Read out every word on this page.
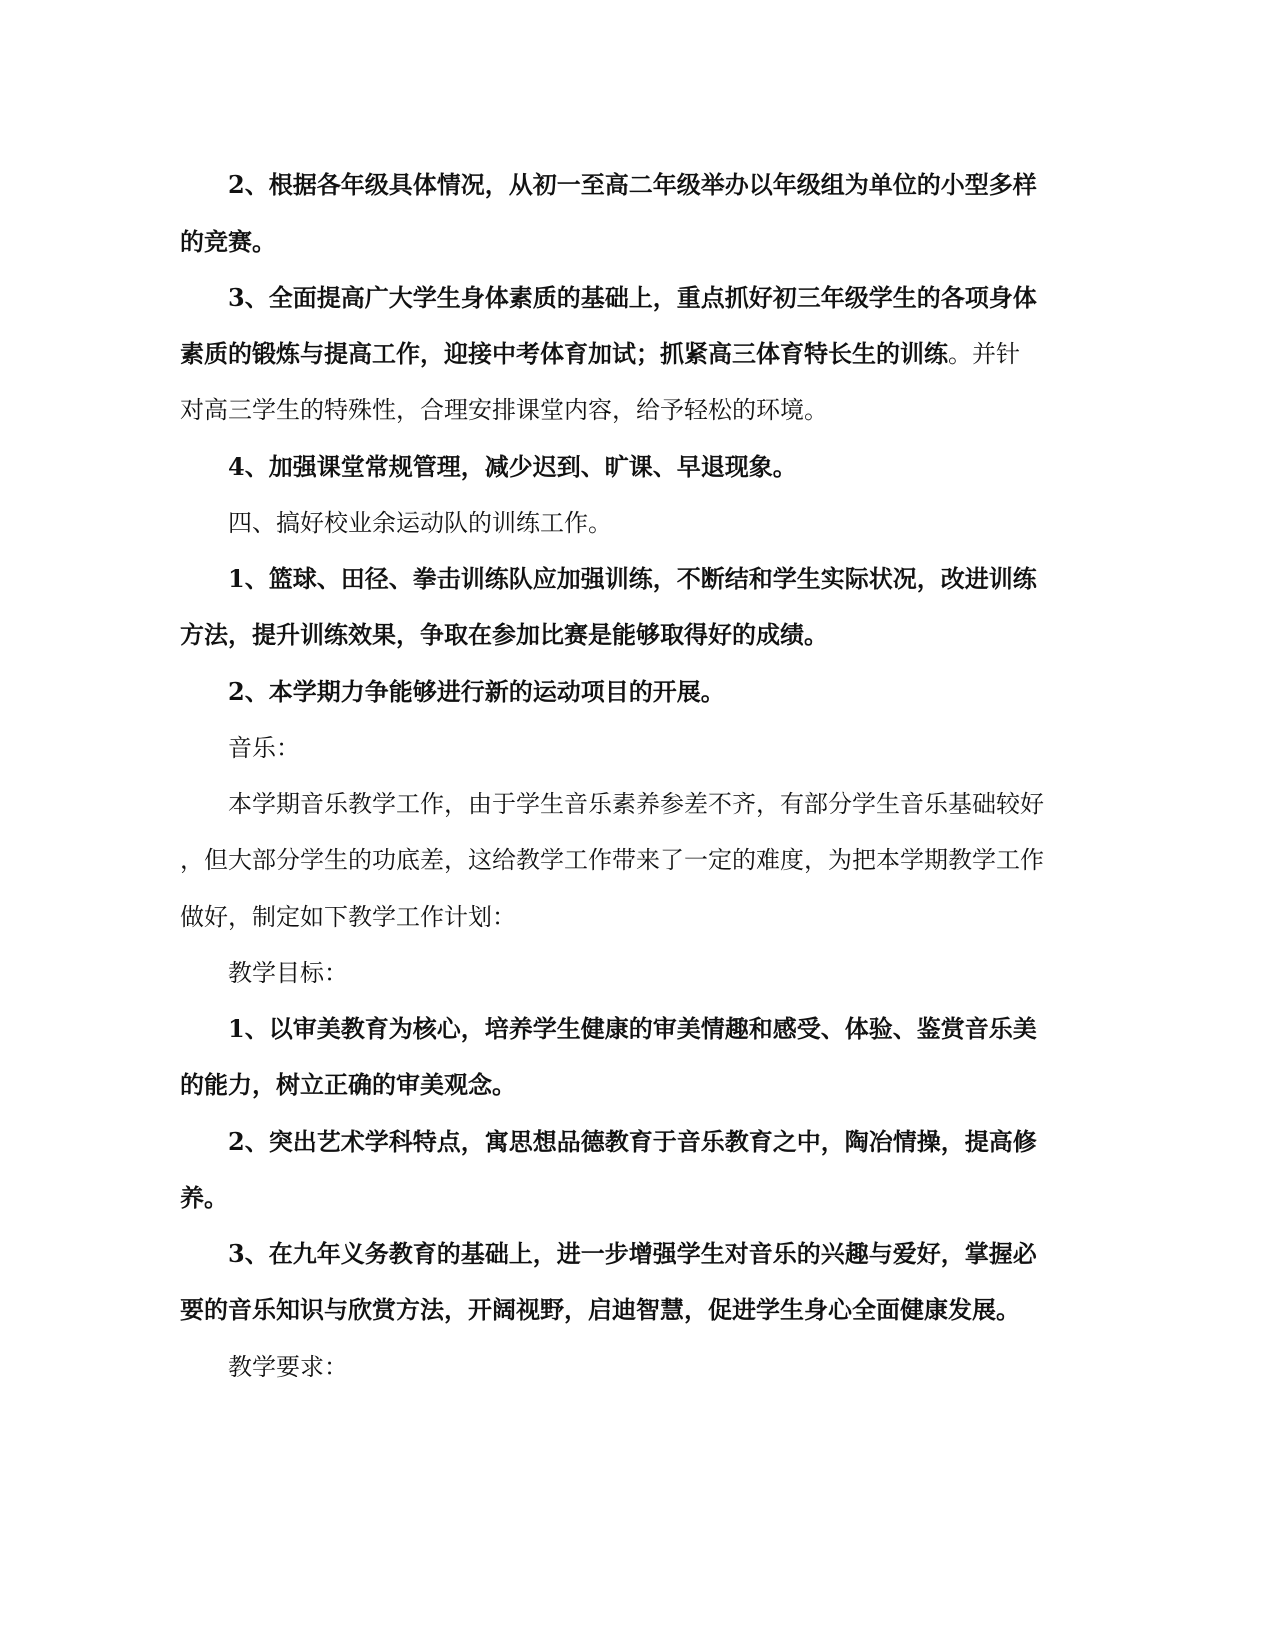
2、根据各年级具体情况，从初一至高二年级举办以年级组为单位的小型多样
的竞赛。
3、全面提高广大学生身体素质的基础上，重点抓好初三年级学生的各项身体
素质的锻炼与提高工作，迎接中考体育加试；抓紧高三体育特长生的训练。并针
对高三学生的特殊性，合理安排课堂内容，给予轻松的环境。
4、加强课堂常规管理，减少迟到、旷课、早退现象。
四、搞好校业余运动队的训练工作。
1、篮球、田径、拳击训练队应加强训练，不断结和学生实际状况，改进训练
方法，提升训练效果，争取在参加比赛是能够取得好的成绩。
2、本学期力争能够进行新的运动项目的开展。
音乐：
本学期音乐教学工作，由于学生音乐素养参差不齐，有部分学生音乐基础较好
，但大部分学生的功底差，这给教学工作带来了一定的难度，为把本学期教学工作
做好，制定如下教学工作计划：
教学目标：
1、以审美教育为核心，培养学生健康的审美情趣和感受、体验、鉴赏音乐美
的能力，树立正确的审美观念。
2、突出艺术学科特点，寓思想品德教育于音乐教育之中，陶冶情操，提高修
养。
3、在九年义务教育的基础上，进一步增强学生对音乐的兴趣与爱好，掌握必
要的音乐知识与欣赏方法，开阔视野，启迪智慧，促进学生身心全面健康发展。
教学要求：
